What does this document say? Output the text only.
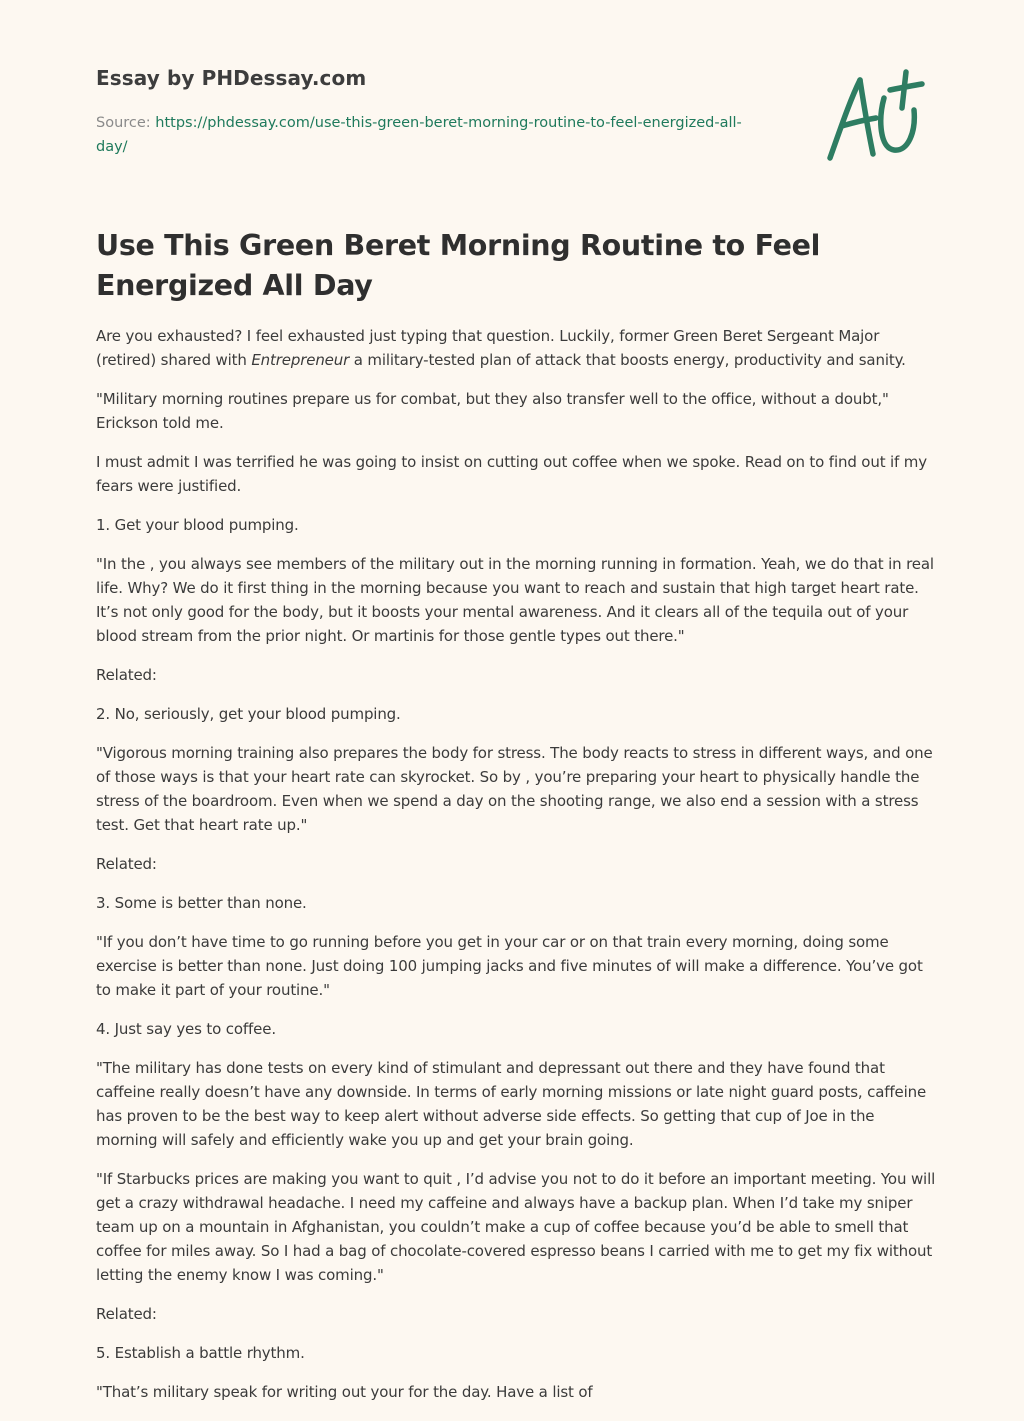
Essay by PHDessay.com
Source: https://phdessay.com/use-this-green-beret-morning-routine-to-feel-energized-all-day/
Use This Green Beret Morning Routine to Feel Energized All Day

Are you exhausted? I feel exhausted just typing that question. Luckily, former Green Beret Sergeant Major (retired) shared with Entrepreneur a military-tested plan of attack that boosts energy, productivity and sanity.

"Military morning routines prepare us for combat, but they also transfer well to the office, without a doubt," Erickson told me.

I must admit I was terrified he was going to insist on cutting out coffee when we spoke. Read on to find out if my fears were justified.

1. Get your blood pumping.

"In the , you always see members of the military out in the morning running in formation. Yeah, we do that in real life. Why? We do it first thing in the morning because you want to reach and sustain that high target heart rate. It’s not only good for the body, but it boosts your mental awareness. And it clears all of the tequila out of your blood stream from the prior night. Or martinis for those gentle types out there."

Related:

2. No, seriously, get your blood pumping.

"Vigorous morning training also prepares the body for stress. The body reacts to stress in different ways, and one of those ways is that your heart rate can skyrocket. So by , you’re preparing your heart to physically handle the stress of the boardroom. Even when we spend a day on the shooting range, we also end a session with a stress test. Get that heart rate up."

Related:

3. Some is better than none.

"If you don’t have time to go running before you get in your car or on that train every morning, doing some exercise is better than none. Just doing 100 jumping jacks and five minutes of will make a difference. You’ve got to make it part of your routine."

4. Just say yes to coffee.

"The military has done tests on every kind of stimulant and depressant out there and they have found that caffeine really doesn’t have any downside. In terms of early morning missions or late night guard posts, caffeine has proven to be the best way to keep alert without adverse side effects. So getting that cup of Joe in the morning will safely and efficiently wake you up and get your brain going.

"If Starbucks prices are making you want to quit , I’d advise you not to do it before an important meeting. You will get a crazy withdrawal headache. I need my caffeine and always have a backup plan. When I’d take my sniper team up on a mountain in Afghanistan, you couldn’t make a cup of coffee because you’d be able to smell that coffee for miles away. So I had a bag of chocolate-covered espresso beans I carried with me to get my fix without letting the enemy know I was coming."

Related:

5. Establish a battle rhythm.

"That’s military speak for writing out your for the day. Have a list of
